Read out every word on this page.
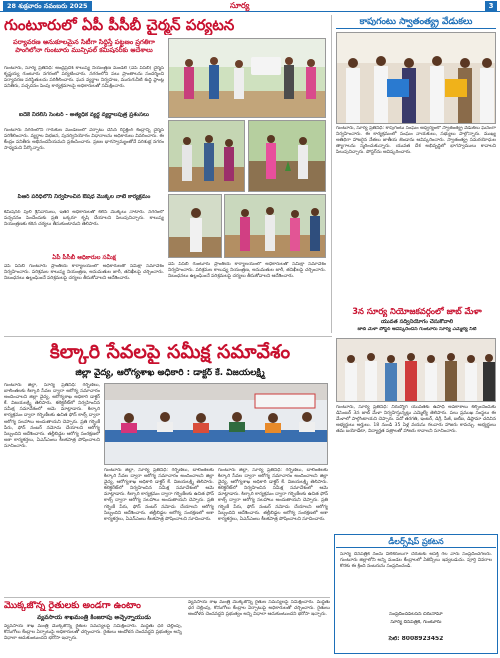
28 శుక్రవారం నవంబరు 2025	సూర్య	3
గుంటూరులో ఏపీ పీసీబీ చైర్మన్ పర్యటన
పర్యావరణ అనుకూలమైన సిటీగా సిద్ధిస్తే పట్టణం ప్రగతిగా పాంగిలోనా గుంటూరు మున్సిపల్ కమిషనర్‌కు ఆదేశాలు
గుంటూరు, సూర్య ప్రతినిధి: ఆంధ్రప్రదేశ్ కాలుష్య నియంత్రణ మండలి (ఏపీ పీసీబీ) చైర్మన్ కృష్ణయ్య గుంటూరు నగరంలో పర్యటించారు. నగరంలోని పలు ప్రాంతాలను సందర్శించి పర్యావరణ పరిస్థితులను పరిశీలించారు. ఘన వ్యర్థాల నిర్వహణ, మురుగునీటి శుద్ధి ప్లాంట్ల పనితీరు, పచ్చదనం పెంపు కార్యక్రమాలపై అధికారులతో సమీక్షించారు.
ఐదేకే నిరలీస్ సెంటర్ - అత్యధిక వ్యర్థ వ్యర్థాలపుత్ర ప్రశంసలు
గుంటూరు నగరంలోని గారుకుల మండలంలో ఏర్పాటు చేసిన రీసైక్లింగ్ కేంద్రాన్ని చైర్మన్ పరిశీలించారు. వ్యర్థాల విభజన, పునర్వినియోగం విధానాలను అధికారులు వివరించారు. ఈ కేంద్రం పనితీరు అభినందనీయమని ప్రశంసించారు. ప్రజల భాగస్వామ్యంతోనే పరిశుభ్ర నగరం సాధ్యమని పేర్కొన్నారు.
పిఆర్ పరిధిలోని నిర్వహించిన ఔషధ మొక్కల నాటే కార్యక్రమం
కమిషనర్ పులి శ్రీనివాసులు, ఇతర అధికారులతో కలిసి మొక్కలు నాటారు. నగరంలో పచ్చదనం పెంచేందుకు ప్రతి ఒక్కరూ కృషి చేయాలని పిలుపునిచ్చారు. కాలుష్య నియంత్రణకు కఠిన చర్యలు తీసుకుంటామని తెలిపారు.
ఏపీ పీసీబీ ఆధికారుల సమీక్ష
ఏపీ పీసీబీ గుంటూరు ప్రాంతీయ కార్యాలయంలో అధికారులతో సమీక్షా సమావేశం నిర్వహించారు. పరిశ్రమల కాలుష్య నియంత్రణ, అనుమతుల జారీ, తనిఖీలపై చర్చించారు. నిబంధనలు ఉల్లంఘించే పరిశ్రమలపై చర్యలు తీసుకోవాలని ఆదేశించారు.
ఏపీ పీసీబీ గుంటూరు ప్రాంతీయ కార్యాలయంలో అధికారులతో సమీక్షా సమావేశం నిర్వహించారు. పరిశ్రమల కాలుష్య నియంత్రణ, అనుమతుల జారీ, తనిఖీలపై చర్చించారు. నిబంధనలు ఉల్లంఘించే పరిశ్రమలపై చర్యలు తీసుకోవాలని ఆదేశించారు.
కాపుగంటు స్వాతంత్య్ర వేడుకలు
గుంటూరు, సూర్య ప్రతినిధి: కాపుగంటు సంఘం ఆధ్వర్యంలో స్వాతంత్య్ర వేడుకలు ఘనంగా నిర్వహించారు. ఈ కార్యక్రమంలో సంఘం నాయకులు, సభ్యులు పాల్గొన్నారు. ముఖ్య అతిథిగా హాజరైన నేతలు జాతీయ జెండాను ఆవిష్కరించారు. స్వాతంత్య్ర సమరయోధుల త్యాగాలను స్మరించుకున్నారు. యువత దేశ అభివృద్ధిలో భాగస్వాములు కావాలని పిలుపునిచ్చారు. పోస్టర్‌ను ఆవిష్కరించారు.
3న సూర్య నియోజకవర్గంలో జాబ్ మేళా
యువత సద్వినియోగం చేసుకోవాలి
జాబ్ మేళా పోస్టర్ ఆవిష్కరించిన గుంటూరు సూర్య ఎమ్మెల్యే సీటీ
గుంటూరు, సూర్య ప్రతినిధి: నిరుద్యోగ యువతకు ఉపాధి అవకాశాలు కల్పించేందుకు డిసెంబర్ 3న జాబ్ మేళా నిర్వహిస్తున్నట్లు ఎమ్మెల్యే తెలిపారు. పలు ప్రముఖ సంస్థలు ఈ మేళాలో పాల్గొంటాయని చెప్పారు. పదో తరగతి, ఇంటర్, డిగ్రీ, పీజీ, ఐటీఐ, డిప్లొమా చదివిన అభ్యర్థులు అర్హులు. 18 నుండి 35 ఏళ్ల వయసు గలవారు హాజరు కావచ్చు. అభ్యర్థులు తమ బయోడేటా, విద్యార్హత పత్రాలతో హాజరు కావాలని సూచించారు.
కిల్కారి సేవలపై సమీక్ష సమావేశం
జిల్లా వైద్య, ఆరోగ్యశాఖ అధికారి : డాక్టర్ కే. విజయలక్ష్మి
గుంటూరు జిల్లా, సూర్య ప్రతినిధి: గర్భిణీలు, బాలింతలకు కిల్కారి సేవల ద్వారా ఆరోగ్య సమాచారం అందించాలని జిల్లా వైద్య, ఆరోగ్యశాఖ అధికారి డాక్టర్ కే. విజయలక్ష్మి తెలిపారు. కలెక్టరేట్‌లో నిర్వహించిన సమీక్ష సమావేశంలో ఆమె మాట్లాడారు. కిల్కారి కార్యక్రమం ద్వారా గర్భిణీలకు ఉచిత ఫోన్ కాల్స్ ద్వారా ఆరోగ్య సలహాలు అందుతాయని చెప్పారు. ప్రతి గర్భిణీ పేరు, ఫోన్ నంబర్ నమోదు చేయాలని ఆరోగ్య సిబ్బందిని ఆదేశించారు. తల్లీబిడ్డల ఆరోగ్య సంరక్షణలో ఆశా కార్యకర్తలు, ఏఎన్ఎంలు కీలకపాత్ర పోషించాలని సూచించారు.
గుంటూరు జిల్లా, సూర్య ప్రతినిధి: గర్భిణీలు, బాలింతలకు కిల్కారి సేవల ద్వారా ఆరోగ్య సమాచారం అందించాలని జిల్లా వైద్య, ఆరోగ్యశాఖ అధికారి డాక్టర్ కే. విజయలక్ష్మి తెలిపారు. కలెక్టరేట్‌లో నిర్వహించిన సమీక్ష సమావేశంలో ఆమె మాట్లాడారు. కిల్కారి కార్యక్రమం ద్వారా గర్భిణీలకు ఉచిత ఫోన్ కాల్స్ ద్వారా ఆరోగ్య సలహాలు అందుతాయని చెప్పారు. ప్రతి గర్భిణీ పేరు, ఫోన్ నంబర్ నమోదు చేయాలని ఆరోగ్య సిబ్బందిని ఆదేశించారు. తల్లీబిడ్డల ఆరోగ్య సంరక్షణలో ఆశా కార్యకర్తలు, ఏఎన్ఎంలు కీలకపాత్ర పోషించాలని సూచించారు.
గుంటూరు జిల్లా, సూర్య ప్రతినిధి: గర్భిణీలు, బాలింతలకు కిల్కారి సేవల ద్వారా ఆరోగ్య సమాచారం అందించాలని జిల్లా వైద్య, ఆరోగ్యశాఖ అధికారి డాక్టర్ కే. విజయలక్ష్మి తెలిపారు. కలెక్టరేట్‌లో నిర్వహించిన సమీక్ష సమావేశంలో ఆమె మాట్లాడారు. కిల్కారి కార్యక్రమం ద్వారా గర్భిణీలకు ఉచిత ఫోన్ కాల్స్ ద్వారా ఆరోగ్య సలహాలు అందుతాయని చెప్పారు. ప్రతి గర్భిణీ పేరు, ఫోన్ నంబర్ నమోదు చేయాలని ఆరోగ్య సిబ్బందిని ఆదేశించారు. తల్లీబిడ్డల ఆరోగ్య సంరక్షణలో ఆశా కార్యకర్తలు, ఏఎన్ఎంలు కీలకపాత్ర పోషించాలని సూచించారు.
డీలర్స్‌షిప్ ప్రకటన
సూర్య దినపత్రిక నందు విలేకరులుగా చేరుటకు ఆసక్తి గల వారు సంప్రదించగలరు. గుంటూరు జిల్లాలోని అన్ని మండల కేంద్రాలలో ఏజెన్సీలు ఇవ్వబడును. పూర్తి వివరాల కొరకు ఈ క్రింది నంబరును సంప్రదించండి.
సంప్రదించవలసిన చిరునామా
సూర్య దినపత్రిక, గుంటూరు
సెల్: 8008923452
మొక్కజొన్న రైతులకు అండగా ఉంటాం
వ్యవసాయ శాఖమంత్రి కింజరాపు అచ్చెన్నాయుడు
వ్యవసాయ శాఖ మంత్రి మొక్కజొన్న రైతుల సమస్యలపై సమీక్షించారు. మద్దతు ధర చెల్లింపు, కొనుగోలు కేంద్రాల ఏర్పాటుపై అధికారులతో చర్చించారు. రైతులు ఆందోళన చెందవద్దని ప్రభుత్వం అన్ని విధాలా ఆదుకుంటుందని భరోసా ఇచ్చారు.
వ్యవసాయ శాఖ మంత్రి మొక్కజొన్న రైతుల సమస్యలపై సమీక్షించారు. మద్దతు ధర చెల్లింపు, కొనుగోలు కేంద్రాల ఏర్పాటుపై అధికారులతో చర్చించారు. రైతులు ఆందోళన చెందవద్దని ప్రభుత్వం అన్ని విధాలా ఆదుకుంటుందని భరోసా ఇచ్చారు.
